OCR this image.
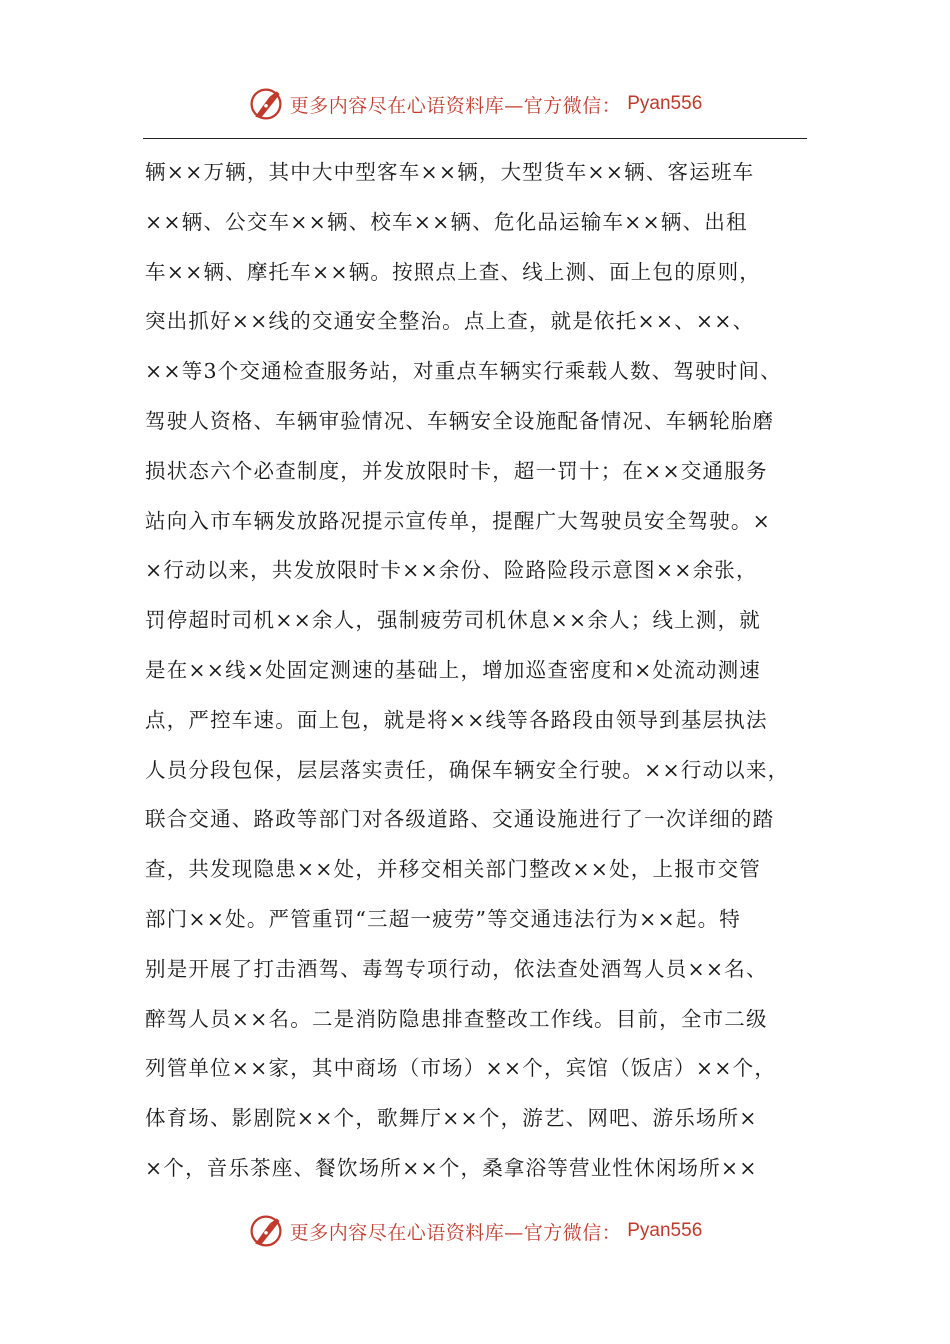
更多内容尽在心语资料库—官方微信： Pyan556
辆××万辆，其中大中型客车××辆，大型货车××辆、客运班车
××辆、公交车××辆、校车××辆、危化品运输车××辆、出租
车××辆、摩托车××辆。按照点上查、线上测、面上包的原则，
突出抓好××线的交通安全整治。点上查，就是依托××、××、
××等3个交通检查服务站，对重点车辆实行乘载人数、驾驶时间、
驾驶人资格、车辆审验情况、车辆安全设施配备情况、车辆轮胎磨
损状态六个必查制度，并发放限时卡，超一罚十；在××交通服务
站向入市车辆发放路况提示宣传单，提醒广大驾驶员安全驾驶。×
×行动以来，共发放限时卡××余份、险路险段示意图××余张，
罚停超时司机××余人，强制疲劳司机休息××余人；线上测，就
是在××线×处固定测速的基础上，增加巡查密度和×处流动测速
点，严控车速。面上包，就是将××线等各路段由领导到基层执法
人员分段包保，层层落实责任，确保车辆安全行驶。××行动以来，
联合交通、路政等部门对各级道路、交通设施进行了一次详细的踏
查，共发现隐患××处，并移交相关部门整改××处，上报市交管
部门××处。严管重罚“三超一疲劳”等交通违法行为××起。特
别是开展了打击酒驾、毒驾专项行动，依法查处酒驾人员××名、
醉驾人员××名。二是消防隐患排查整改工作线。目前，全市二级
列管单位××家，其中商场（市场）××个，宾馆（饭店）××个，
体育场、影剧院××个，歌舞厅××个，游艺、网吧、游乐场所×
×个，音乐茶座、餐饮场所××个，桑拿浴等营业性休闲场所××
更多内容尽在心语资料库—官方微信： Pyan556
